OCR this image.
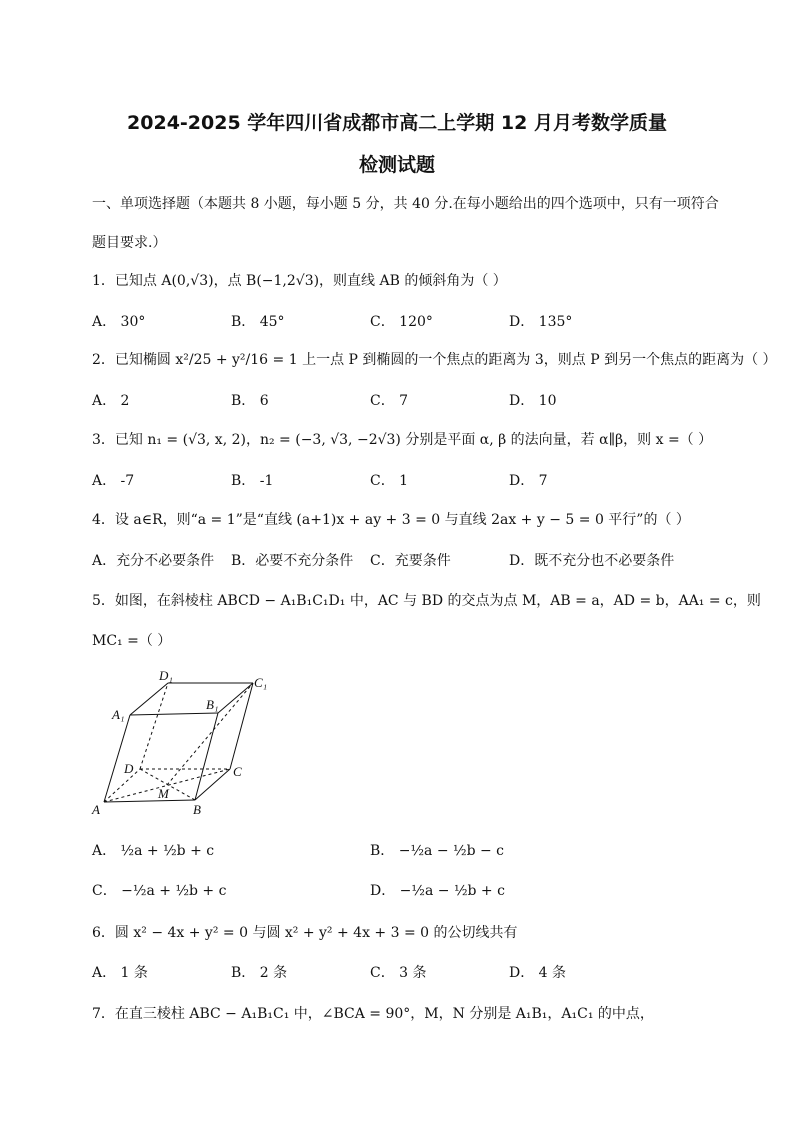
2024-2025 学年四川省成都市高二上学期 12 月月考数学质量
检测试题
一、单项选择题（本题共 8 小题，每小题 5 分，共 40 分.在每小题给出的四个选项中，只有一项符合
题目要求.）
1．已知点 A(0,√3)，点 B(−1,2√3)，则直线 AB 的倾斜角为（ ）
A． 30°	B． 45°	C． 120°	D． 135°
2．已知椭圆 x²/25 + y²/16 = 1 上一点 P 到椭圆的一个焦点的距离为 3，则点 P 到另一个焦点的距离为（ ）
A． 2	B． 6	C． 7	D． 10
3．已知 n₁ = (√3, x, 2)，n₂ = (−3, √3, −2√3) 分别是平面 α, β 的法向量，若 α∥β，则 x =（ ）
A． -7	B． -1	C． 1	D． 7
4．设 a∈R，则“a = 1”是“直线 (a+1)x + ay + 3 = 0 与直线 2ax + y − 5 = 0 平行”的（ ）
A．充分不必要条件 B．必要不充分条件 C．充要条件	D．既不充分也不必要条件
5．如图，在斜棱柱 ABCD − A₁B₁C₁D₁ 中，AC 与 BD 的交点为点 M，AB = a，AD = b，AA₁ = c，则
MC₁ =（ ）
A	B
C
D
M
A₁
B₁
C₁
D₁
A． ½a + ½b + c	B． −½a − ½b − c
C． −½a + ½b + c	D． −½a − ½b + c
6．圆 x² − 4x + y² = 0 与圆 x² + y² + 4x + 3 = 0 的公切线共有
A． 1 条	B． 2 条	C． 3 条	D． 4 条
7．在直三棱柱 ABC − A₁B₁C₁ 中，∠BCA = 90°，M，N 分别是 A₁B₁，A₁C₁ 的中点，
